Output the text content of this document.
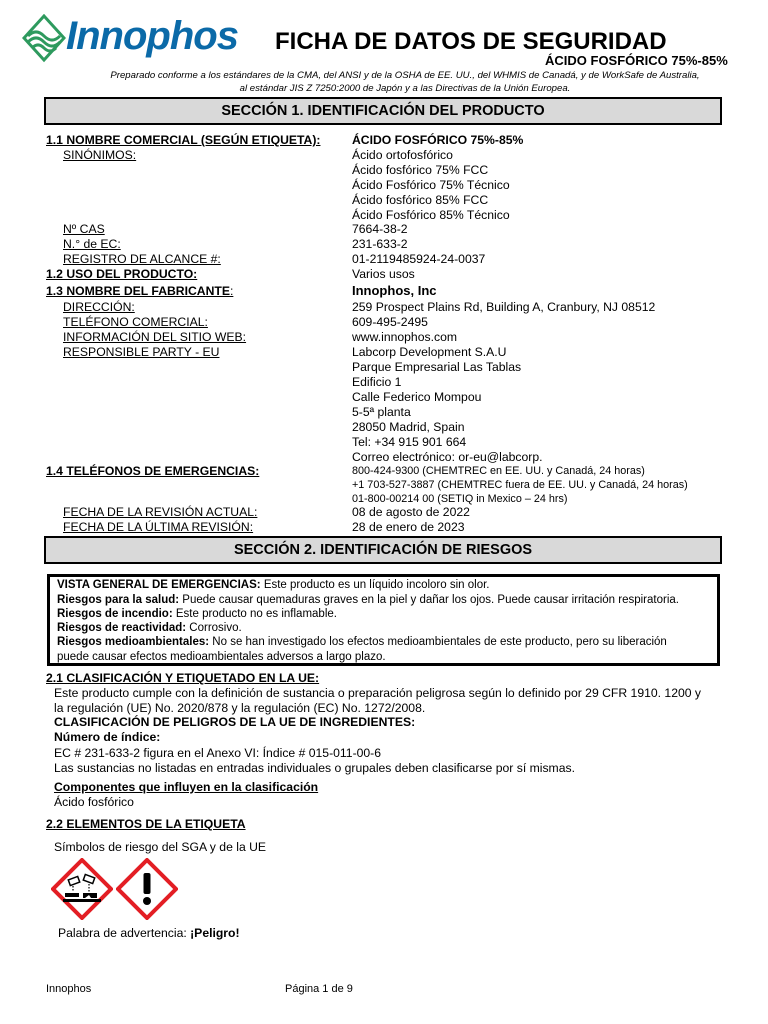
Innophos FICHA DE DATOS DE SEGURIDAD
ÁCIDO FOSFÓRICO 75%-85%
Preparado conforme a los estándares de la CMA, del ANSI y de la OSHA de EE. UU., del WHMIS de Canadá, y de WorkSafe de Australia,
al estándar JIS Z 7250:2000 de Japón y a las Directivas de la Unión Europea.
SECCIÓN 1. IDENTIFICACIÓN DEL PRODUCTO
1.1 NOMBRE COMERCIAL (SEGÚN ETIQUETA):	ÁCIDO FOSFÓRICO 75%-85%
SINÓNIMOS:	Ácido ortofosfórico
Ácido fosfórico 75% FCC
Ácido Fosfórico 75% Técnico
Ácido fosfórico 85% FCC
Ácido Fosfórico 85% Técnico
Nº CAS	7664-38-2
N.° de EC:	231-633-2
REGISTRO DE ALCANCE #:	01-2119485924-24-0037
1.2 USO DEL PRODUCTO:	Varios usos
1.3 NOMBRE DEL FABRICANTE:	Innophos, Inc
DIRECCIÓN:	259 Prospect Plains Rd, Building A, Cranbury, NJ 08512
TELÉFONO COMERCIAL:	609-495-2495
INFORMACIÓN DEL SITIO WEB:	www.innophos.com
RESPONSIBLE PARTY - EU	Labcorp Development S.A.U
Parque Empresarial Las Tablas
Edificio 1
Calle Federico Mompou
5-5ª planta
28050 Madrid, Spain
Tel: +34 915 901 664
Correo electrónico: or-eu@labcorp.
1.4 TELÉFONOS DE EMERGENCIAS:	800-424-9300 (CHEMTREC en EE. UU. y Canadá, 24 horas)
+1 703-527-3887 (CHEMTREC fuera de EE. UU. y Canadá, 24 horas)
01-800-00214 00 (SETIQ in Mexico – 24 hrs)
FECHA DE LA REVISIÓN ACTUAL:	08 de agosto de 2022
FECHA DE LA ÚLTIMA REVISIÓN:	28 de enero de 2023
SECCIÓN 2. IDENTIFICACIÓN DE RIESGOS
VISTA GENERAL DE EMERGENCIAS: Este producto es un líquido incoloro sin olor.
Riesgos para la salud: Puede causar quemaduras graves en la piel y dañar los ojos. Puede causar irritación respiratoria.
Riesgos de incendio: Este producto no es inflamable.
Riesgos de reactividad: Corrosivo.
Riesgos medioambientales: No se han investigado los efectos medioambientales de este producto, pero su liberación
puede causar efectos medioambientales adversos a largo plazo.
2.1 CLASIFICACIÓN Y ETIQUETADO EN LA UE:
Este producto cumple con la definición de sustancia o preparación peligrosa según lo definido por 29 CFR 1910. 1200 y
la regulación (UE) No. 2020/878 y la regulación (EC) No. 1272/2008.
CLASIFICACIÓN DE PELIGROS DE LA UE DE INGREDIENTES:
Número de índice:
EC # 231-633-2 figura en el Anexo VI: Índice # 015-011-00-6
Las sustancias no listadas en entradas individuales o grupales deben clasificarse por sí mismas.
Componentes que influyen en la clasificación
Ácido fosfórico
2.2 ELEMENTOS DE LA ETIQUETA
Símbolos de riesgo del SGA y de la UE
Palabra de advertencia: ¡Peligro!
Innophos	Página 1 de 9
